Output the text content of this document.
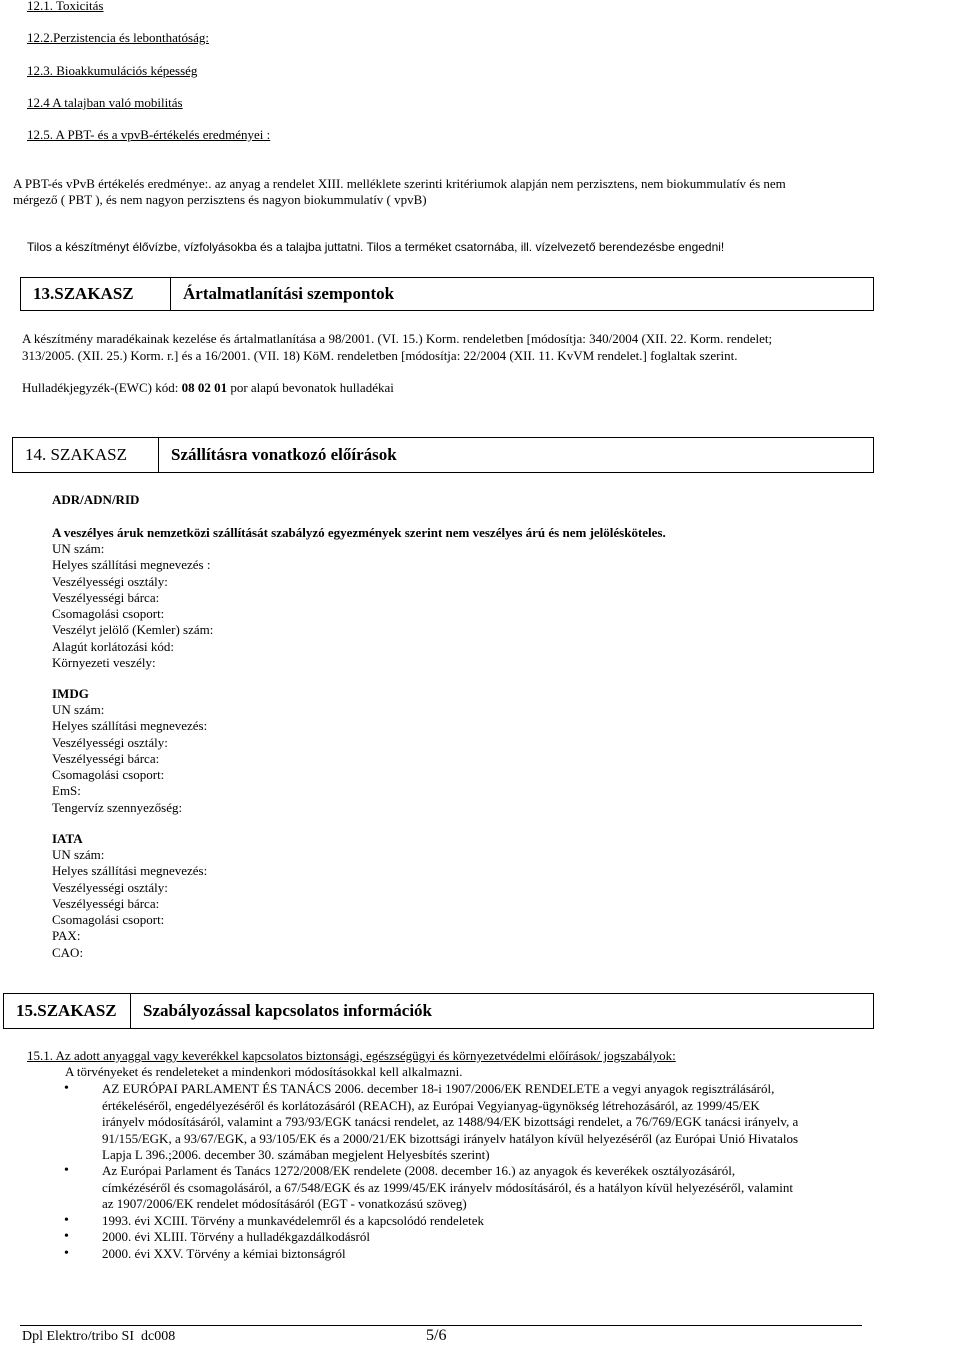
12.1. Toxicitás
12.2.Perzistencia és lebonthatóság:
12.3. Bioakkumulációs képesség
12.4 A talajban való mobilitás
12.5. A PBT- és a vpvB-értékelés eredményei :
A PBT-és vPvB értékelés eredménye:. az anyag a rendelet XIII. melléklete szerinti kritériumok alapján nem perzisztens, nem biokummulatív és nem
mérgező ( PBT ), és nem nagyon perzisztens és nagyon biokummulatív ( vpvB)
Tilos a készítményt élővízbe, vízfolyásokba és a talajba juttatni. Tilos a terméket csatornába, ill. vízelvezető berendezésbe engedni!
13.SZAKASZ	Ártalmatlanítási szempontok
A készítmény maradékainak kezelése és ártalmatlanítása a 98/2001. (VI. 15.) Korm. rendeletben [módosítja: 340/2004 (XII. 22. Korm. rendelet;
313/2005. (XII. 25.) Korm. r.] és a 16/2001. (VII. 18) KöM. rendeletben [módosítja: 22/2004 (XII. 11. KvVM rendelet.] foglaltak szerint.
Hulladékjegyzék-(EWC) kód: 08 02 01 por alapú bevonatok hulladékai
14. SZAKASZ	Szállításra vonatkozó előírások
ADR/ADN/RID
A veszélyes áruk nemzetközi szállítását szabályzó egyezmények szerint nem veszélyes árú és nem jelölésköteles.
UN szám:
Helyes szállítási megnevezés :
Veszélyességi osztály:
Veszélyességi bárca:
Csomagolási csoport:
Veszélyt jelölő (Kemler) szám:
Alagút korlátozási kód:
Környezeti veszély:
IMDG
UN szám:
Helyes szállítási megnevezés:
Veszélyességi osztály:
Veszélyességi bárca:
Csomagolási csoport:
EmS:
Tengervíz szennyezőség:
IATA
UN szám:
Helyes szállítási megnevezés:
Veszélyességi osztály:
Veszélyességi bárca:
Csomagolási csoport:
PAX:
CAO:
15.SZAKASZ	Szabályozással kapcsolatos információk
15.1. Az adott anyaggal vagy keverékkel kapcsolatos biztonsági, egészségügyi és környezetvédelmi előírások/ jogszabályok:
A törvényeket és rendeleteket a mindenkori módosításokkal kell alkalmazni.
•	AZ EURÓPAI PARLAMENT ÉS TANÁCS 2006. december 18-i 1907/2006/EK RENDELETE a vegyi anyagok regisztrálásáról,
értékeléséről, engedélyezéséről és korlátozásáról (REACH), az Európai Vegyianyag-ügynökség létrehozásáról, az 1999/45/EK
irányelv módosításáról, valamint a 793/93/EGK tanácsi rendelet, az 1488/94/EK bizottsági rendelet, a 76/769/EGK tanácsi irányelv, a
91/155/EGK, a 93/67/EGK, a 93/105/EK és a 2000/21/EK bizottsági irányelv hatályon kívül helyezéséről (az Európai Unió Hivatalos
Lapja L 396.;2006. december 30. számában megjelent Helyesbítés szerint)
•	Az Európai Parlament és Tanács 1272/2008/EK rendelete (2008. december 16.) az anyagok és keverékek osztályozásáról,
címkézéséről és csomagolásáról, a 67/548/EGK és az 1999/45/EK irányelv módosításáról, és a hatályon kívül helyezéséről, valamint
az 1907/2006/EK rendelet módosításáról (EGT - vonatkozású szöveg)
•	1993. évi XCIII. Törvény a munkavédelemről és a kapcsolódó rendeletek
•	2000. évi XLIII. Törvény a hulladékgazdálkodásról
•	2000. évi XXV. Törvény a kémiai biztonságról
Dpl Elektro/tribo SI  dc008	5/6
